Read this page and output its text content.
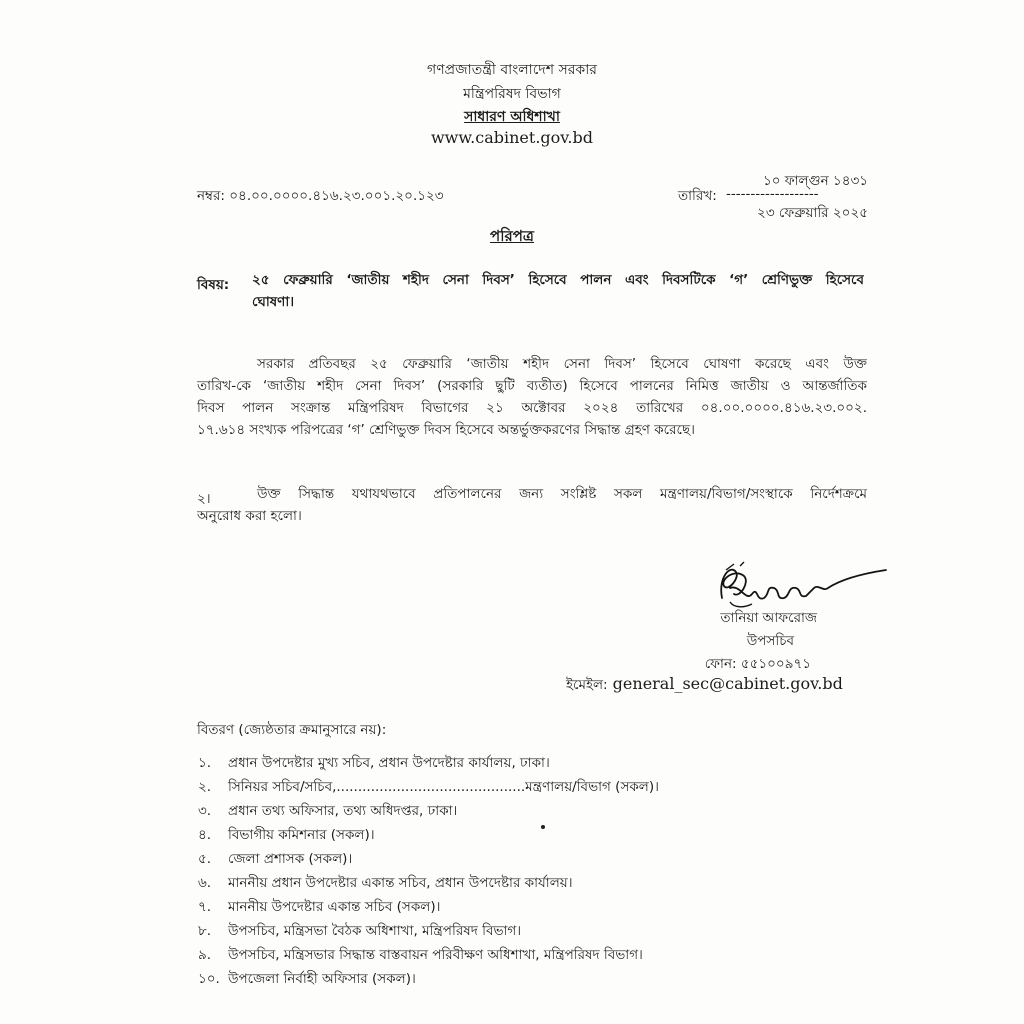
গণপ্রজাতন্ত্রী বাংলাদেশ সরকার
মন্ত্রিপরিষদ বিভাগ
সাধারণ অধিশাখা
www.cabinet.gov.bd
নম্বর: ০৪.০০.০০০০.৪১৬.২৩.০০১.২০.১২৩
১০ ফাল্গুন ১৪৩১
তারিখ: -------------------
২৩ ফেব্রুয়ারি ২০২৫
পরিপত্র
বিষয়: ২৫ ফেব্রুয়ারি ‘জাতীয় শহীদ সেনা দিবস’ হিসেবে পালন এবং দিবসটিকে ‘গ’ শ্রেণিভুক্ত হিসেবে
ঘোষণা।
সরকার প্রতিবছর ২৫ ফেব্রুয়ারি ‘জাতীয় শহীদ সেনা দিবস’ হিসেবে ঘোষণা করেছে এবং উক্ত
তারিখ-কে ‘জাতীয় শহীদ সেনা দিবস’ (সরকারি ছুটি ব্যতীত) হিসেবে পালনের নিমিত্ত জাতীয় ও আন্তর্জাতিক
দিবস পালন সংক্রান্ত মন্ত্রিপরিষদ বিভাগের ২১ অক্টোবর ২০২৪ তারিখের ০৪.০০.০০০০.৪১৬.২৩.০০২.
১৭.৬১৪ সংখ্যক পরিপত্রের ‘গ’ শ্রেণিভুক্ত দিবস হিসেবে অন্তর্ভুক্তকরণের সিদ্ধান্ত গ্রহণ করেছে।
২।	উক্ত সিদ্ধান্ত যথাযথভাবে প্রতিপালনের জন্য সংশ্লিষ্ট সকল মন্ত্রণালয়/বিভাগ/সংস্থাকে নির্দেশক্রমে
অনুরোধ করা হলো।
তানিয়া আফরোজ
উপসচিব
ফোন: ৫৫১০০৯৭১
ইমেইল: general_sec@cabinet.gov.bd
বিতরণ (জ্যেষ্ঠতার ক্রমানুসারে নয়):
১. প্রধান উপদেষ্টার মুখ্য সচিব, প্রধান উপদেষ্টার কার্যালয়, ঢাকা।
২. সিনিয়র সচিব/সচিব,............................................মন্ত্রণালয়/বিভাগ (সকল)।
৩. প্রধান তথ্য অফিসার, তথ্য অধিদপ্তর, ঢাকা।
৪. বিভাগীয় কমিশনার (সকল)।
৫. জেলা প্রশাসক (সকল)।
৬. মাননীয় প্রধান উপদেষ্টার একান্ত সচিব, প্রধান উপদেষ্টার কার্যালয়।
৭. মাননীয় উপদেষ্টার একান্ত সচিব (সকল)।
৮. উপসচিব, মন্ত্রিসভা বৈঠক অধিশাখা, মন্ত্রিপরিষদ বিভাগ।
৯. উপসচিব, মন্ত্রিসভার সিদ্ধান্ত বাস্তবায়ন পরিবীক্ষণ অধিশাখা, মন্ত্রিপরিষদ বিভাগ।
১০. উপজেলা নির্বাহী অফিসার (সকল)।
